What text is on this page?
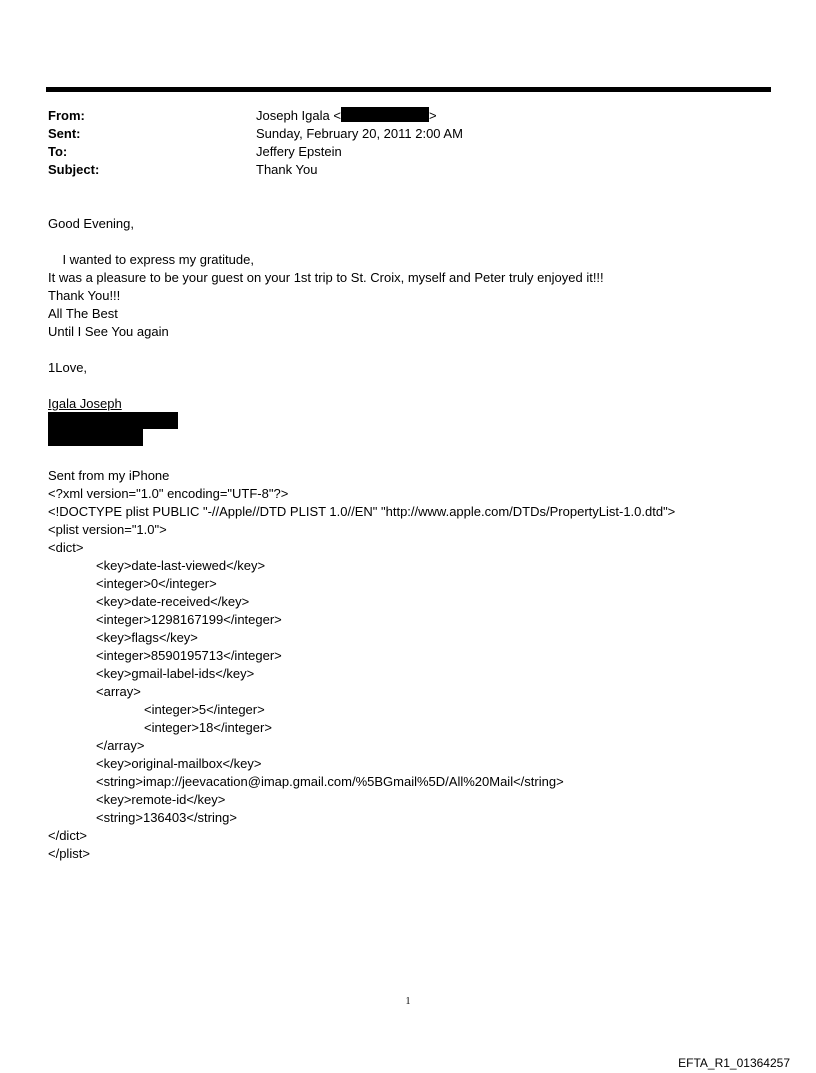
From:	Joseph Igala <	>
Sent:	Sunday, February 20, 2011 2:00 AM
To:	Jeffery Epstein
Subject:	Thank You
Good Evening,
I wanted to express my gratitude,
It was a pleasure to be your guest on your 1st trip to St. Croix, myself and Peter truly enjoyed it!!!
Thank You!!!
All The Best
Until I See You again
1Love,
Igala Joseph
Sent from my iPhone
<?xml version="1.0" encoding="UTF-8"?>
<!DOCTYPE plist PUBLIC "-//Apple//DTD PLIST 1.0//EN" "http://www.apple.com/DTDs/PropertyList-1.0.dtd">
<plist version="1.0">
<dict>
<key>date-last-viewed</key>
<integer>0</integer>
<key>date-received</key>
<integer>1298167199</integer>
<key>flags</key>
<integer>8590195713</integer>
<key>gmail-label-ids</key>
<array>
<integer>5</integer>
<integer>18</integer>
</array>
<key>original-mailbox</key>
<string>imap://jeevacation@imap.gmail.com/%5BGmail%5D/All%20Mail</string>
<key>remote-id</key>
<string>136403</string>
</dict>
</plist>
1
EFTA_R1_01364257
